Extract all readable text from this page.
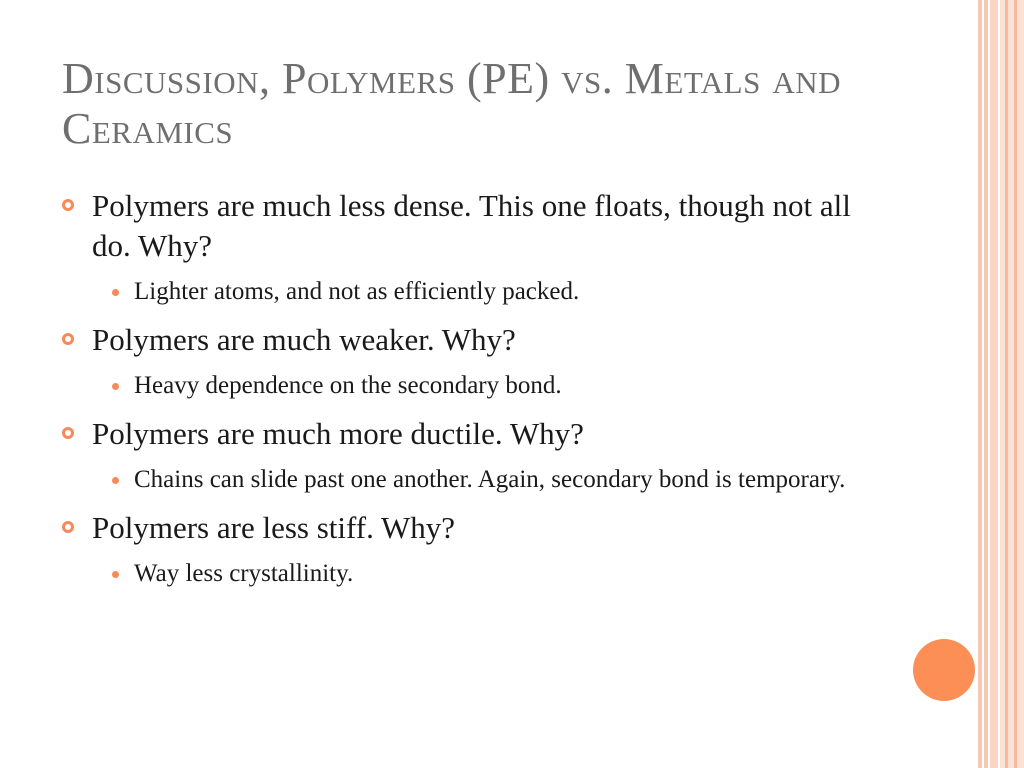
Discussion, Polymers (PE) vs. Metals and Ceramics
Polymers are much less dense. This one floats, though not all do. Why?
Lighter atoms, and not as efficiently packed.
Polymers are much weaker. Why?
Heavy dependence on the secondary bond.
Polymers are much more ductile. Why?
Chains can slide past one another. Again, secondary bond is temporary.
Polymers are less stiff. Why?
Way less crystallinity.
